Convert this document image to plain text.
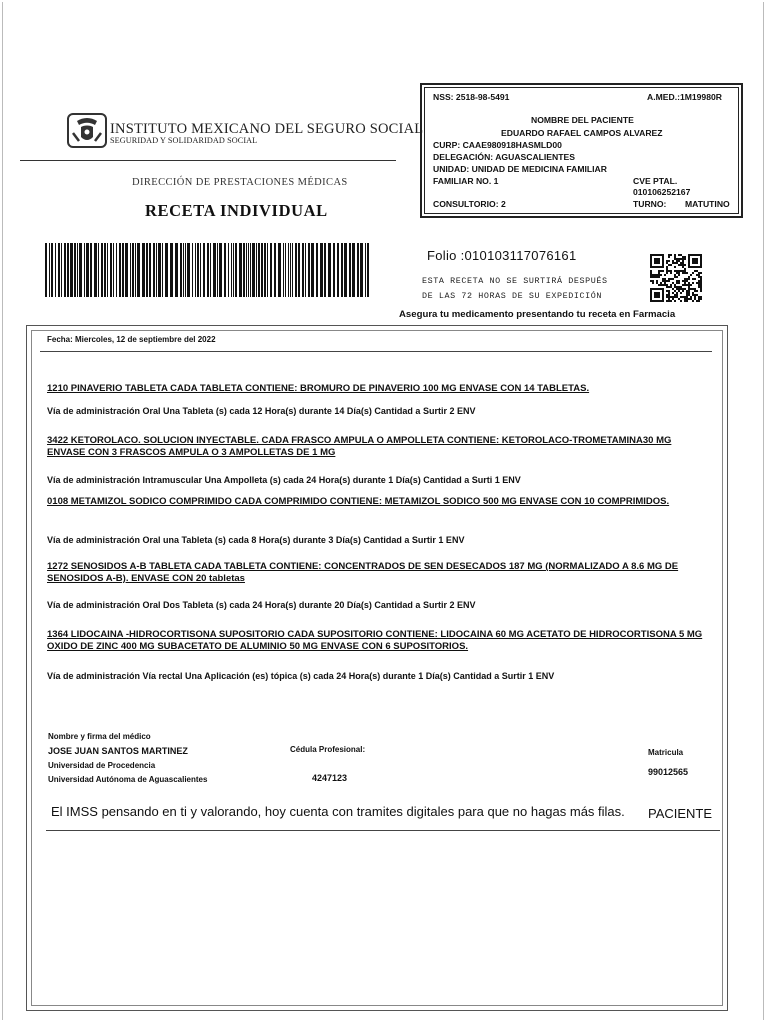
INSTITUTO MEXICANO DEL SEGURO SOCIAL
SEGURIDAD Y SOLIDARIDAD SOCIAL
DIRECCIÓN DE PRESTACIONES MÉDICAS
RECETA INDIVIDUAL
NSS: 2518-98-5491	A.MED.:1M19980R
NOMBRE DEL PACIENTE
EDUARDO RAFAEL CAMPOS ALVAREZ
CURP: CAAE980918HASMLD00
DELEGACIÓN: AGUASCALIENTES
UNIDAD: UNIDAD DE MEDICINA FAMILIAR
FAMILIAR NO. 1	CVE PTAL.
010106252167
CONSULTORIO: 2	TURNO: MATUTINO
Folio :010103117076161
ESTA RECETA NO SE SURTIRÁ DESPUÉS
DE LAS 72 HORAS DE SU EXPEDICIÓN
Asegura tu medicamento presentando tu receta en Farmacia
Fecha: Miercoles, 12 de septiembre del 2022
1210 PINAVERIO TABLETA CADA TABLETA CONTIENE: BROMURO DE PINAVERIO 100 MG ENVASE CON 14 TABLETAS.
Vía de administración Oral Una Tableta (s) cada 12 Hora(s) durante 14 Día(s) Cantidad a Surtir 2 ENV
3422 KETOROLACO. SOLUCION INYECTABLE. CADA FRASCO AMPULA O AMPOLLETA CONTIENE: KETOROLACO-TROMETAMINA30 MG ENVASE CON 3 FRASCOS AMPULA O 3 AMPOLLETAS DE 1 MG
Vía de administración Intramuscular Una Ampolleta (s) cada 24 Hora(s) durante 1 Día(s) Cantidad a Surti 1 ENV
0108 METAMIZOL SODICO COMPRIMIDO CADA COMPRIMIDO CONTIENE: METAMIZOL SODICO 500 MG ENVASE CON 10 COMPRIMIDOS.
Vía de administración Oral una Tableta (s) cada 8 Hora(s) durante 3 Día(s) Cantidad a Surtir 1 ENV
1272 SENOSIDOS A-B TABLETA CADA TABLETA CONTIENE: CONCENTRADOS DE SEN DESECADOS 187 MG (NORMALIZADO A 8.6 MG DE SENOSIDOS A-B). ENVASE CON 20 tabletas
Vía de administración Oral Dos Tableta (s) cada 24 Hora(s) durante 20 Día(s) Cantidad a Surtir 2 ENV
1364 LIDOCAINA -HIDROCORTISONA SUPOSITORIO CADA SUPOSITORIO CONTIENE: LIDOCAINA 60 MG ACETATO DE HIDROCORTISONA 5 MG OXIDO DE ZINC 400 MG SUBACETATO DE ALUMINIO 50 MG ENVASE CON 6 SUPOSITORIOS.
Vía de administración Vía rectal Una Aplicación (es) tópica (s) cada 24 Hora(s) durante 1 Día(s) Cantidad a Surtir 1 ENV
Nombre y firma del médico
JOSE JUAN SANTOS MARTINEZ
Universidad de Procedencia
Universidad Autónoma de Aguascalientes
Cédula Profesional:
4247123
Matricula
99012565
El IMSS pensando en ti y valorando, hoy cuenta con tramites digitales para que no hagas más filas. PACIENTE
